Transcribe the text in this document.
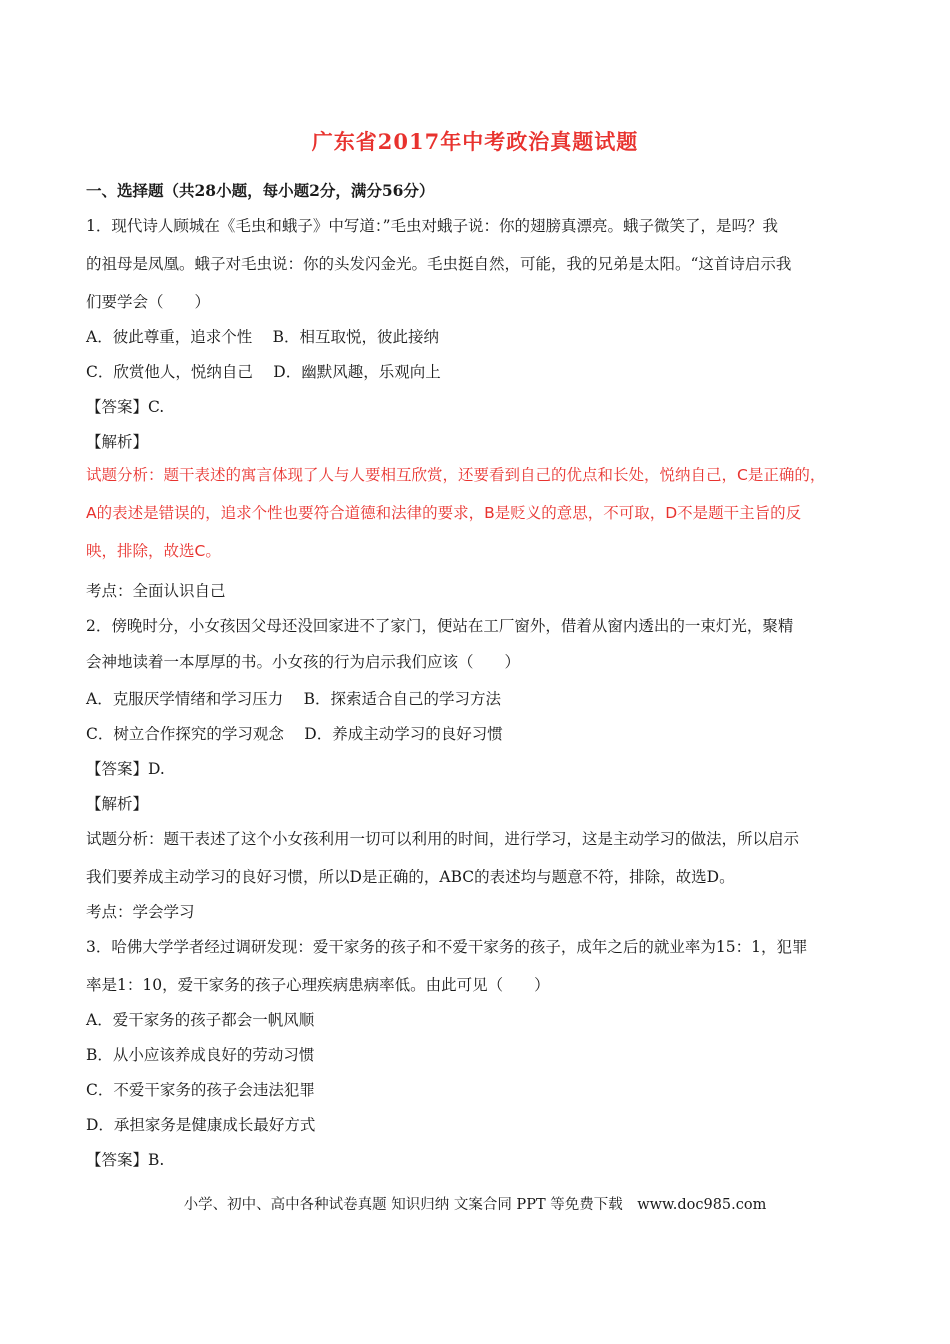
广东省2017年中考政治真题试题
一、选择题（共28小题，每小题2分，满分56分）
1．现代诗人顾城在《毛虫和蛾子》中写道：”毛虫对蛾子说：你的翅膀真漂亮。蛾子微笑了，是吗？我
的祖母是凤凰。蛾子对毛虫说：你的头发闪金光。毛虫挺自然，可能，我的兄弟是太阳。“这首诗启示我
们要学会（　　）
A．彼此尊重，追求个性　 B．相互取悦，彼此接纳
C．欣赏他人，悦纳自己　 D．幽默风趣，乐观向上
【答案】C.
【解析】
试题分析：题干表述的寓言体现了人与人要相互欣赏，还要看到自己的优点和长处，悦纳自己，C是正确的，
A的表述是错误的，追求个性也要符合道德和法律的要求，B是贬义的意思，不可取，D不是题干主旨的反
映，排除，故选C。
考点：全面认识自己
2．傍晚时分，小女孩因父母还没回家进不了家门，便站在工厂窗外，借着从窗内透出的一束灯光，聚精
会神地读着一本厚厚的书。小女孩的行为启示我们应该（　　）
A．克服厌学情绪和学习压力　 B．探索适合自己的学习方法
C．树立合作探究的学习观念　 D．养成主动学习的良好习惯
【答案】D.
【解析】
试题分析：题干表述了这个小女孩利用一切可以利用的时间，进行学习，这是主动学习的做法，所以启示
我们要养成主动学习的良好习惯，所以D是正确的，ABC的表述均与题意不符，排除，故选D。
考点：学会学习
3．哈佛大学学者经过调研发现：爱干家务的孩子和不爱干家务的孩子，成年之后的就业率为15：1，犯罪
率是1：10，爱干家务的孩子心理疾病患病率低。由此可见（　　）
A．爱干家务的孩子都会一帆风顺
B．从小应该养成良好的劳动习惯
C．不爱干家务的孩子会违法犯罪
D．承担家务是健康成长最好方式
【答案】B.
小学、初中、高中各种试卷真题 知识归纳 文案合同 PPT 等免费下载　www.doc985.com
